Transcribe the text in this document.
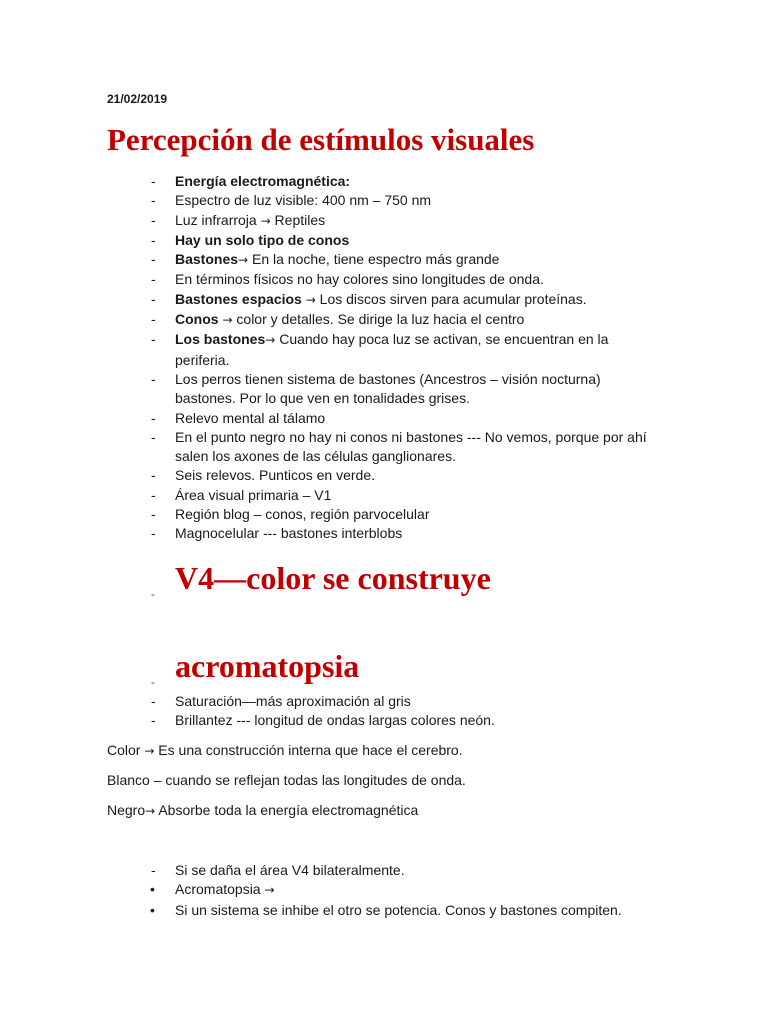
21/02/2019
Percepción de estímulos visuales
- Energía electromagnética:
- Espectro de luz visible: 400 nm – 750 nm
- Luz infrarroja → Reptiles
- Hay un solo tipo de conos
- Bastones→ En la noche, tiene espectro más grande
- En términos físicos no hay colores sino longitudes de onda.
- Bastones espacios → Los discos sirven para acumular proteínas.
- Conos → color y detalles. Se dirige la luz hacia el centro
- Los bastones→ Cuando hay poca luz se activan, se encuentran en la periferia.
- Los perros tienen sistema de bastones (Ancestros – visión nocturna) bastones. Por lo que ven en tonalidades grises.
- Relevo mental al tálamo
- En el punto negro no hay ni conos ni bastones --- No vemos, porque por ahí salen los axones de las células ganglionares.
- Seis relevos. Punticos en verde.
- Área visual primaria – V1
- Región blog – conos, región parvocelular
- Magnocelular --- bastones interblobs
- V4—color se construye
- acromatopsia
- Saturación—más aproximación al gris
- Brillantez --- longitud de ondas largas colores neón.
Color → Es una construcción interna que hace el cerebro.
Blanco – cuando se reflejan todas las longitudes de onda.
Negro→ Absorbe toda la energía electromagnética
- Si se daña el área V4 bilateralmente.
• Acromatopsia →
• Si un sistema se inhibe el otro se potencia. Conos y bastones compiten.
